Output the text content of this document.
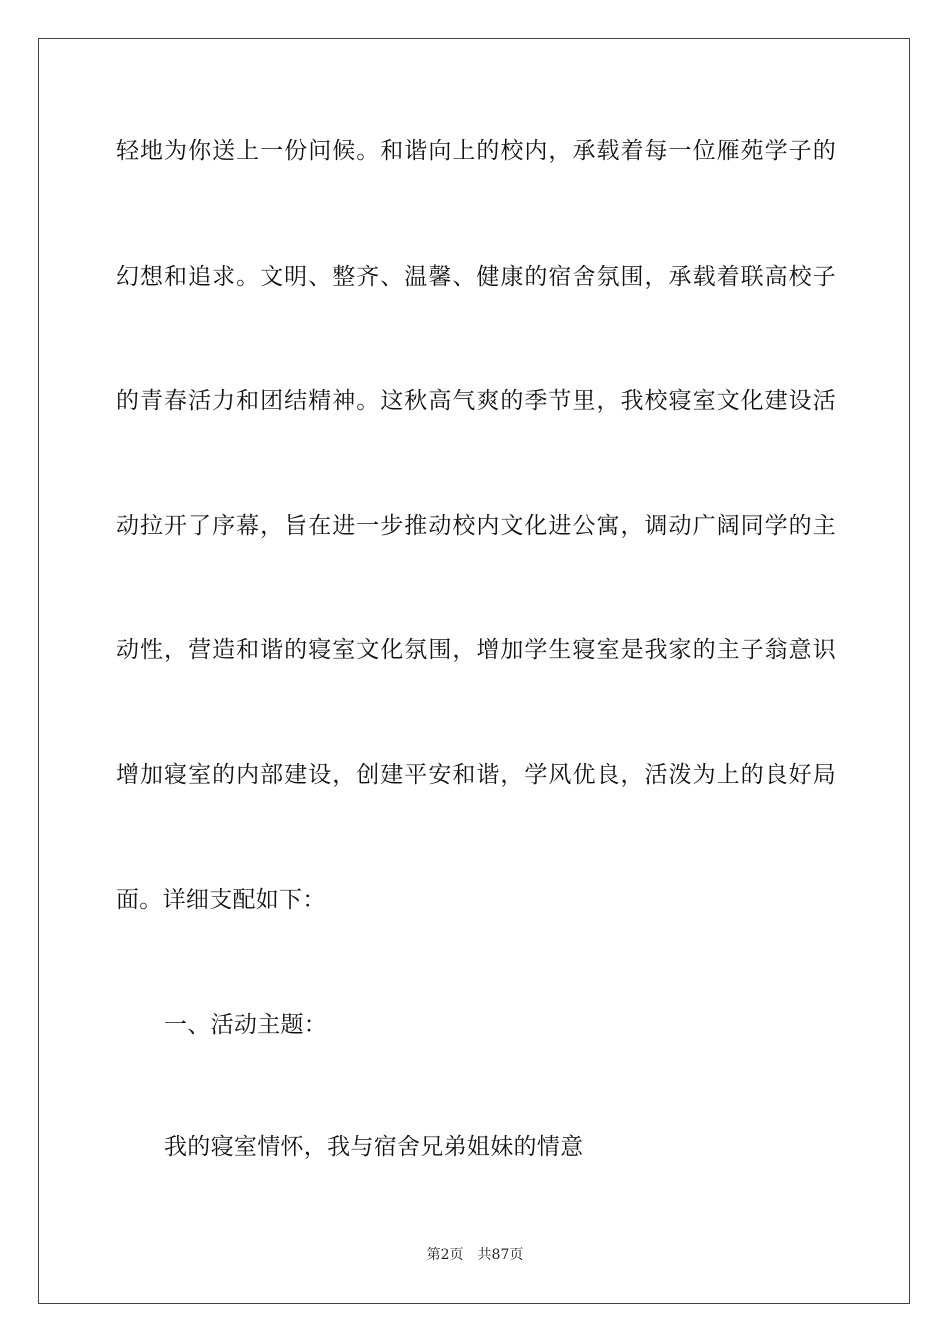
轻地为你送上一份问候。和谐向上的校内，承载着每一位雁苑学子的
幻想和追求。文明、整齐、温馨、健康的宿舍氛围，承载着联高校子
的青春活力和团结精神。这秋高气爽的季节里，我校寝室文化建设活
动拉开了序幕，旨在进一步推动校内文化进公寓，调动广阔同学的主
动性，营造和谐的寝室文化氛围，增加学生寝室是我家的主子翁意识
增加寝室的内部建设，创建平安和谐，学风优良，活泼为上的良好局
面。详细支配如下：
一、活动主题：
我的寝室情怀，我与宿舍兄弟姐妹的情意
第2页 共87页
